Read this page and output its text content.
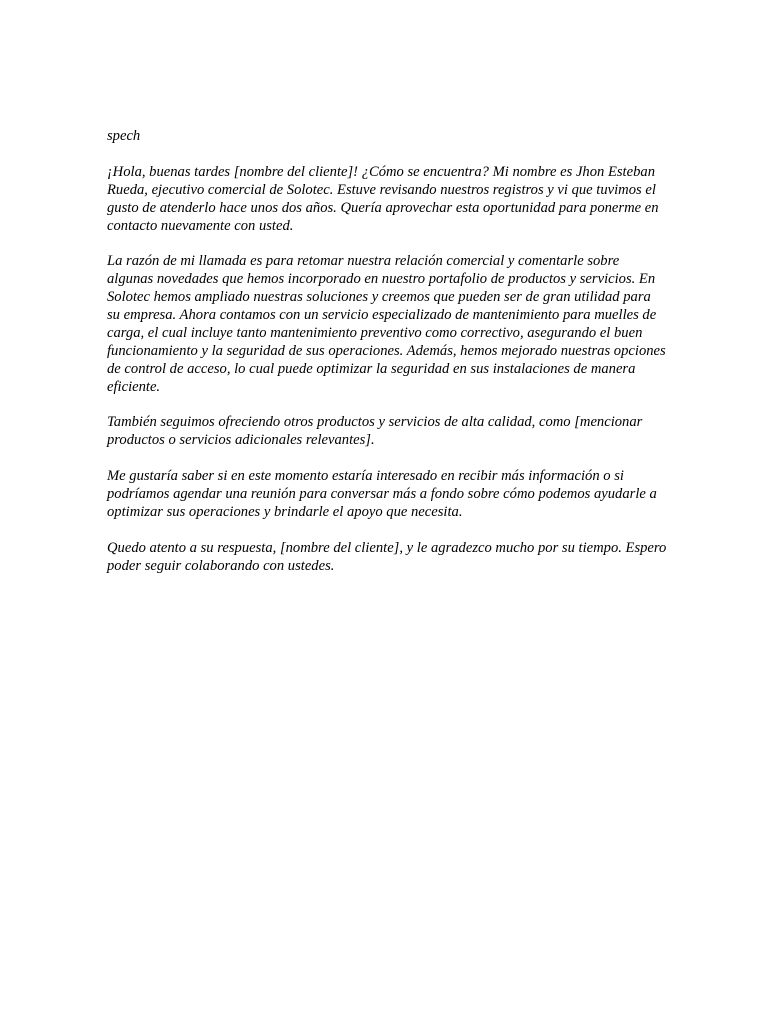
spech

¡Hola, buenas tardes [nombre del cliente]! ¿Cómo se encuentra? Mi nombre es Jhon Esteban Rueda, ejecutivo comercial de Solotec. Estuve revisando nuestros registros y vi que tuvimos el gusto de atenderlo hace unos dos años. Quería aprovechar esta oportunidad para ponerme en contacto nuevamente con usted.

La razón de mi llamada es para retomar nuestra relación comercial y comentarle sobre algunas novedades que hemos incorporado en nuestro portafolio de productos y servicios. En Solotec hemos ampliado nuestras soluciones y creemos que pueden ser de gran utilidad para su empresa. Ahora contamos con un servicio especializado de mantenimiento para muelles de carga, el cual incluye tanto mantenimiento preventivo como correctivo, asegurando el buen funcionamiento y la seguridad de sus operaciones. Además, hemos mejorado nuestras opciones de control de acceso, lo cual puede optimizar la seguridad en sus instalaciones de manera eficiente.

También seguimos ofreciendo otros productos y servicios de alta calidad, como [mencionar productos o servicios adicionales relevantes].

Me gustaría saber si en este momento estaría interesado en recibir más información o si podríamos agendar una reunión para conversar más a fondo sobre cómo podemos ayudarle a optimizar sus operaciones y brindarle el apoyo que necesita.

Quedo atento a su respuesta, [nombre del cliente], y le agradezco mucho por su tiempo. Espero poder seguir colaborando con ustedes.
